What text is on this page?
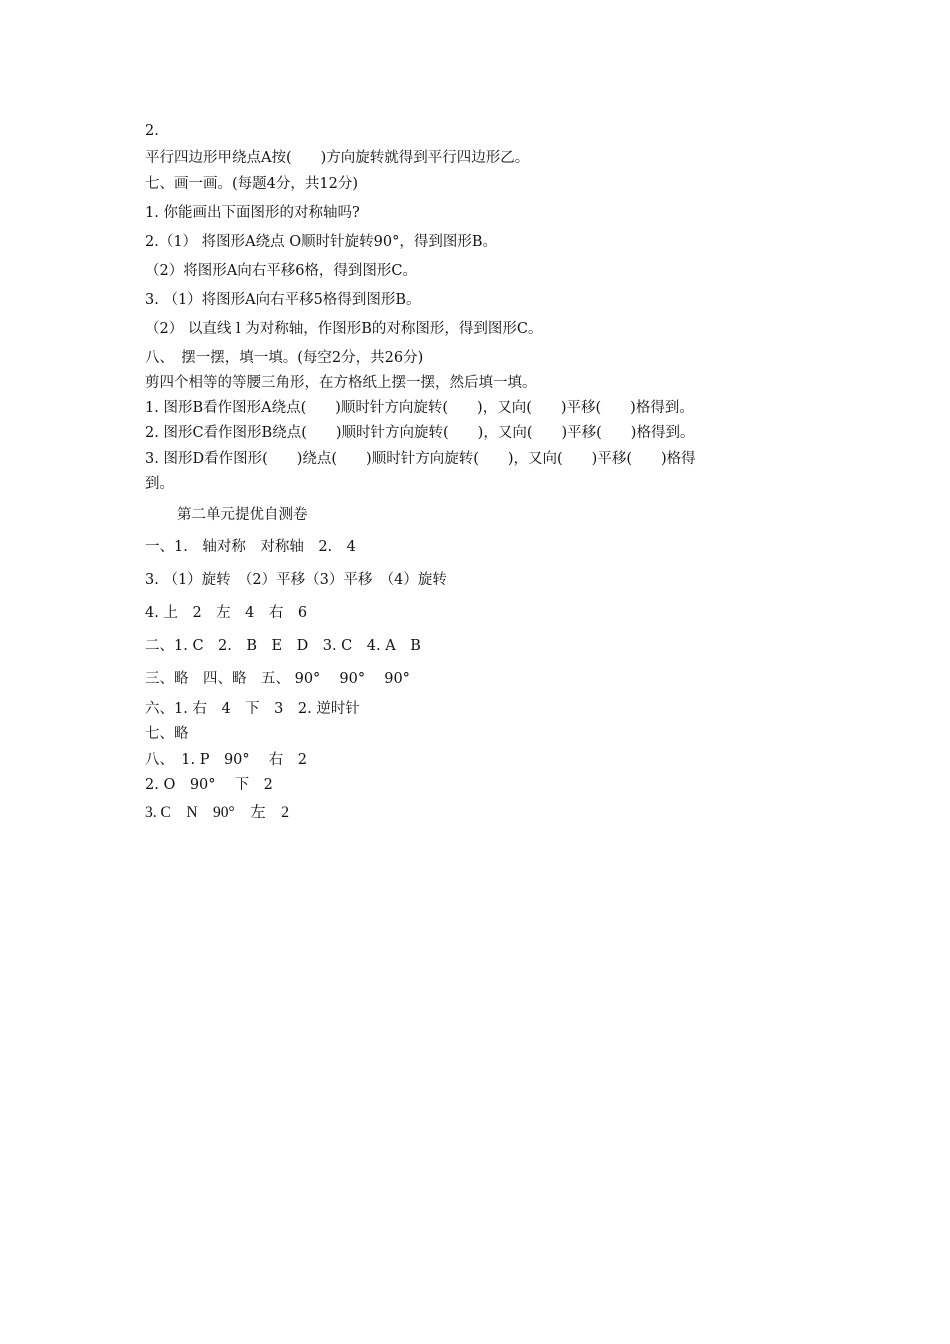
2.
平行四边形甲绕点A按(　　)方向旋转就得到平行四边形乙。
七、画一画。(每题4分，共12分)
1. 你能画出下面图形的对称轴吗?
2.（1） 将图形A绕点 O顺时针旋转90°，得到图形B。
（2）将图形A向右平移6格，得到图形C。
3. （1）将图形A向右平移5格得到图形B。
（2） 以直线 l 为对称轴，作图形B的对称图形，得到图形C。
八、　摆一摆，填一填。(每空2分，共26分)
剪四个相等的等腰三角形，在方格纸上摆一摆，然后填一填。
1. 图形B看作图形A绕点(　　)顺时针方向旋转(　　)，又向(　　)平移(　　)格得到。
2. 图形C看作图形B绕点(　　)顺时针方向旋转(　　)，又向(　　)平移(　　)格得到。
3. 图形D看作图形(　　)绕点(　　)顺时针方向旋转(　　)，又向(　　)平移(　　)格得
到。
第二单元提优自测卷
一、1.　轴对称　对称轴　2.　4
3. （1）旋转　（2）平移（3）平移　（4）旋转
4. 上　2　左　4　右　6
二、1. C　2.　B　E　D　3. C　4. A　B
三、略　四、略　五、 90°　 90°　 90°
六、1. 右　4　下　3　2. 逆时针
七、略
八、　1. P　90°　 右　2
2. O　90°　 下　2
3. C　N　90°　左　2
